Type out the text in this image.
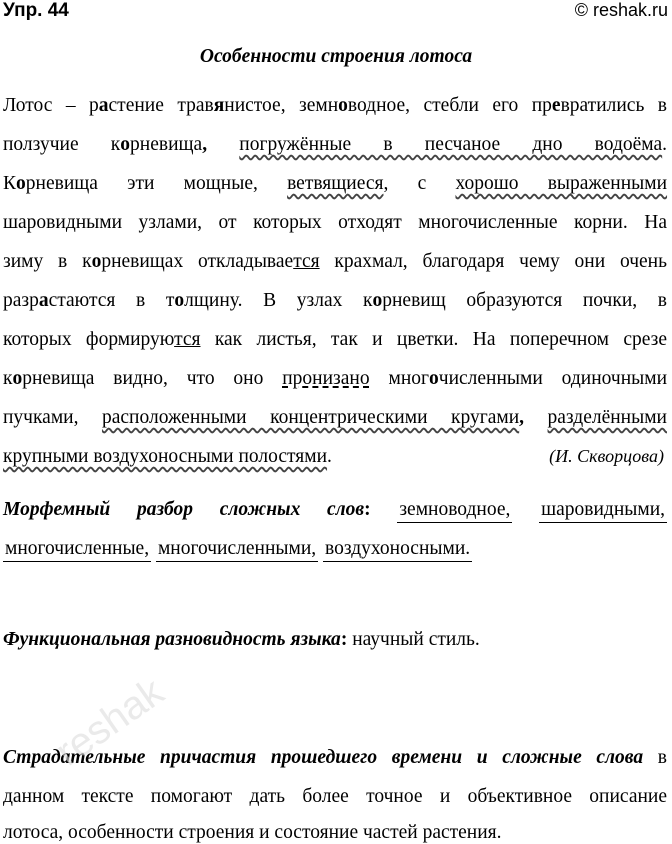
Упр. 44	© reshak.ru
Особенности строения лотоса
Лотос – растение травянистое, земноводное, стебли его превратились в
ползучие корневища, погружённые в песчаное дно водоёма.
Корневища эти мощные, ветвящиеся, с хорошо выраженными
шаровидными узлами, от которых отходят многочисленные корни. На
зиму в корневищах откладывается крахмал, благодаря чему они очень
разрастаются в толщину. В узлах корневищ образуются почки, в
которых формируются как листья, так и цветки. На поперечном срезе
корневища видно, что оно пронизано многочисленными одиночными
пучками, расположенными концентрическими кругами, разделёнными
крупными воздухоносными полостями.	(И. Скворцова)
Морфемный разбор сложных слов: земноводное, шаровидными,
многочисленные, многочисленными, воздухоносными.
Функциональная разновидность языка: научный стиль.
Страдательные причастия прошедшего времени и сложные слова в
данном тексте помогают дать более точное и объективное описание
лотоса, особенности строения и состояние частей растения.
reshak
